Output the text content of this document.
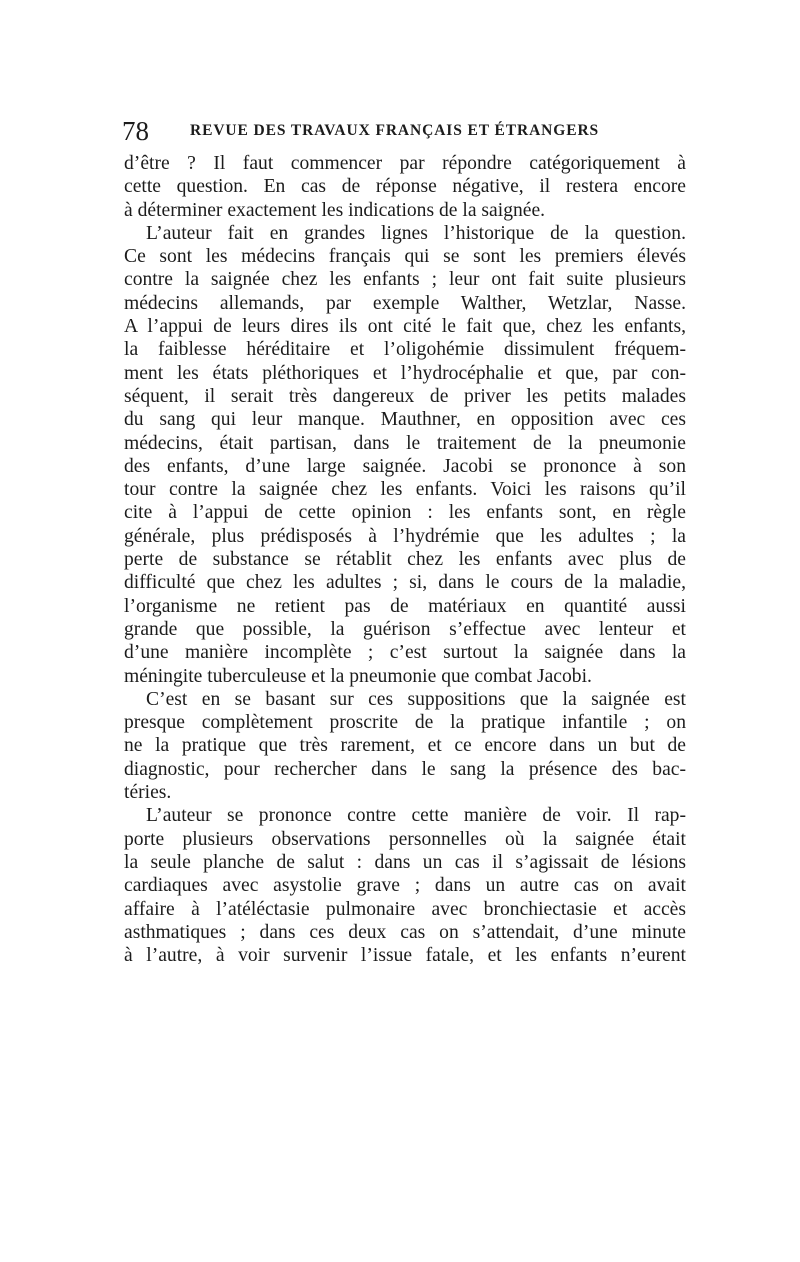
78	REVUE DES TRAVAUX FRANÇAIS ET ÉTRANGERS
d’être ? Il faut commencer par répondre catégoriquement à
cette question. En cas de réponse négative, il restera encore
à déterminer exactement les indications de la saignée.
L’auteur fait en grandes lignes l’historique de la question.
Ce sont les médecins français qui se sont les premiers élevés
contre la saignée chez les enfants ; leur ont fait suite plusieurs
médecins allemands, par exemple Walther, Wetzlar, Nasse.
A l’appui de leurs dires ils ont cité le fait que, chez les enfants,
la faiblesse héréditaire et l’oligohémie dissimulent fréquem-
ment les états pléthoriques et l’hydrocéphalie et que, par con-
séquent, il serait très dangereux de priver les petits malades
du sang qui leur manque. Mauthner, en opposition avec ces
médecins, était partisan, dans le traitement de la pneumonie
des enfants, d’une large saignée. Jacobi se prononce à son
tour contre la saignée chez les enfants. Voici les raisons qu’il
cite à l’appui de cette opinion : les enfants sont, en règle
générale, plus prédisposés à l’hydrémie que les adultes ; la
perte de substance se rétablit chez les enfants avec plus de
difficulté que chez les adultes ; si, dans le cours de la maladie,
l’organisme ne retient pas de matériaux en quantité aussi
grande que possible, la guérison s’effectue avec lenteur et
d’une manière incomplète ; c’est surtout la saignée dans la
méningite tuberculeuse et la pneumonie que combat Jacobi.
C’est en se basant sur ces suppositions que la saignée est
presque complètement proscrite de la pratique infantile ; on
ne la pratique que très rarement, et ce encore dans un but de
diagnostic, pour rechercher dans le sang la présence des bac-
téries.
L’auteur se prononce contre cette manière de voir. Il rap-
porte plusieurs observations personnelles où la saignée était
la seule planche de salut : dans un cas il s’agissait de lésions
cardiaques avec asystolie grave ; dans un autre cas on avait
affaire à l’atéléctasie pulmonaire avec bronchiectasie et accès
asthmatiques ; dans ces deux cas on s’attendait, d’une minute
à l’autre, à voir survenir l’issue fatale, et les enfants n’eurent
